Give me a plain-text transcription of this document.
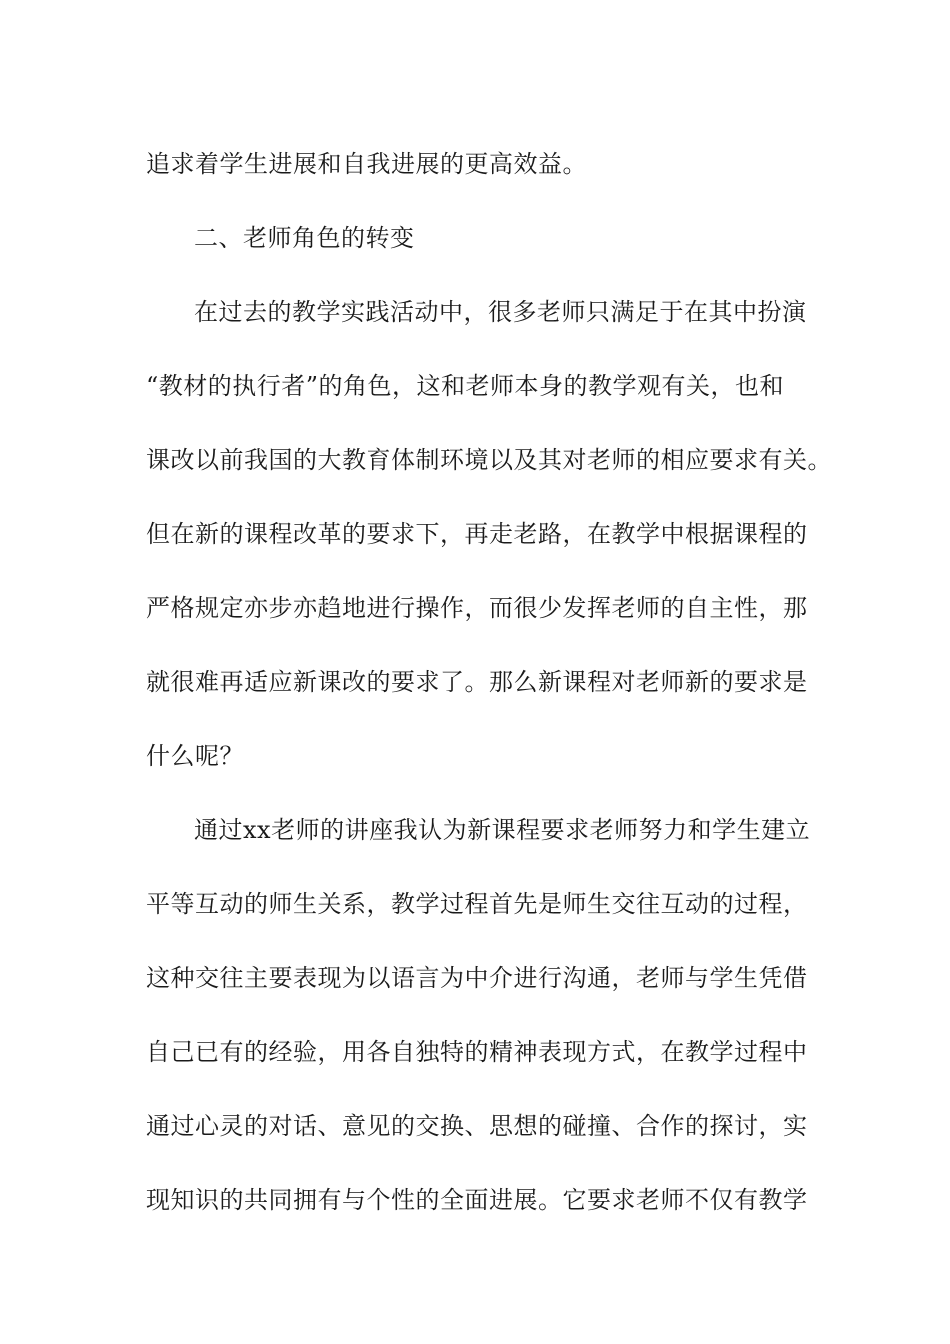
追求着学生进展和自我进展的更高效益。
二、老师角色的转变
在过去的教学实践活动中，很多老师只满足于在其中扮演
“教材的执行者”的角色，这和老师本身的教学观有关，也和
课改以前我国的大教育体制环境以及其对老师的相应要求有关。
但在新的课程改革的要求下，再走老路，在教学中根据课程的
严格规定亦步亦趋地进行操作，而很少发挥老师的自主性，那
就很难再适应新课改的要求了。那么新课程对老师新的要求是
什么呢？
通过xx老师的讲座我认为新课程要求老师努力和学生建立
平等互动的师生关系，教学过程首先是师生交往互动的过程，
这种交往主要表现为以语言为中介进行沟通，老师与学生凭借
自己已有的经验，用各自独特的精神表现方式，在教学过程中
通过心灵的对话、意见的交换、思想的碰撞、合作的探讨，实
现知识的共同拥有与个性的全面进展。它要求老师不仅有教学
